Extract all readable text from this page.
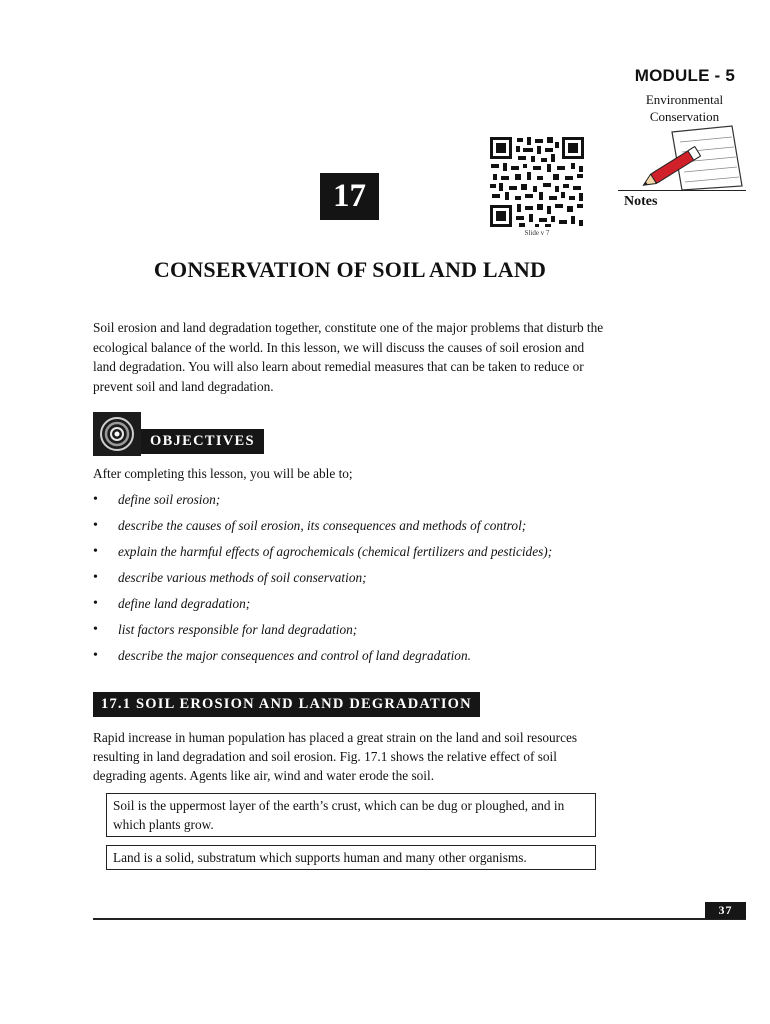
MODULE - 5
Environmental
Conservation
Notes
17
Slide v 7
CONSERVATION OF SOIL AND LAND

Soil erosion and land degradation together, constitute one of the major problems that disturb the ecological balance of the world. In this lesson, we will discuss the causes of soil erosion and land degradation. You will also learn about remedial measures that can be taken to reduce or prevent soil and land degradation.

OBJECTIVES
After completing this lesson, you will be able to;
• define soil erosion;
• describe the causes of soil erosion, its consequences and methods of control;
• explain the harmful effects of agrochemicals (chemical fertilizers and pesticides);
• describe various methods of soil conservation;
• define land degradation;
• list factors responsible for land degradation;
• describe the major consequences and control of land degradation.
17.1 SOIL EROSION AND LAND DEGRADATION

Rapid increase in human population has placed a great strain on the land and soil resources resulting in land degradation and soil erosion. Fig. 17.1 shows the relative effect of soil degrading agents. Agents like air, wind and water erode the soil.

Soil is the uppermost layer of the earth’s crust, which can be dug or ploughed, and in which plants grow.
Land is a solid, substratum which supports human and many other organisms.
37
